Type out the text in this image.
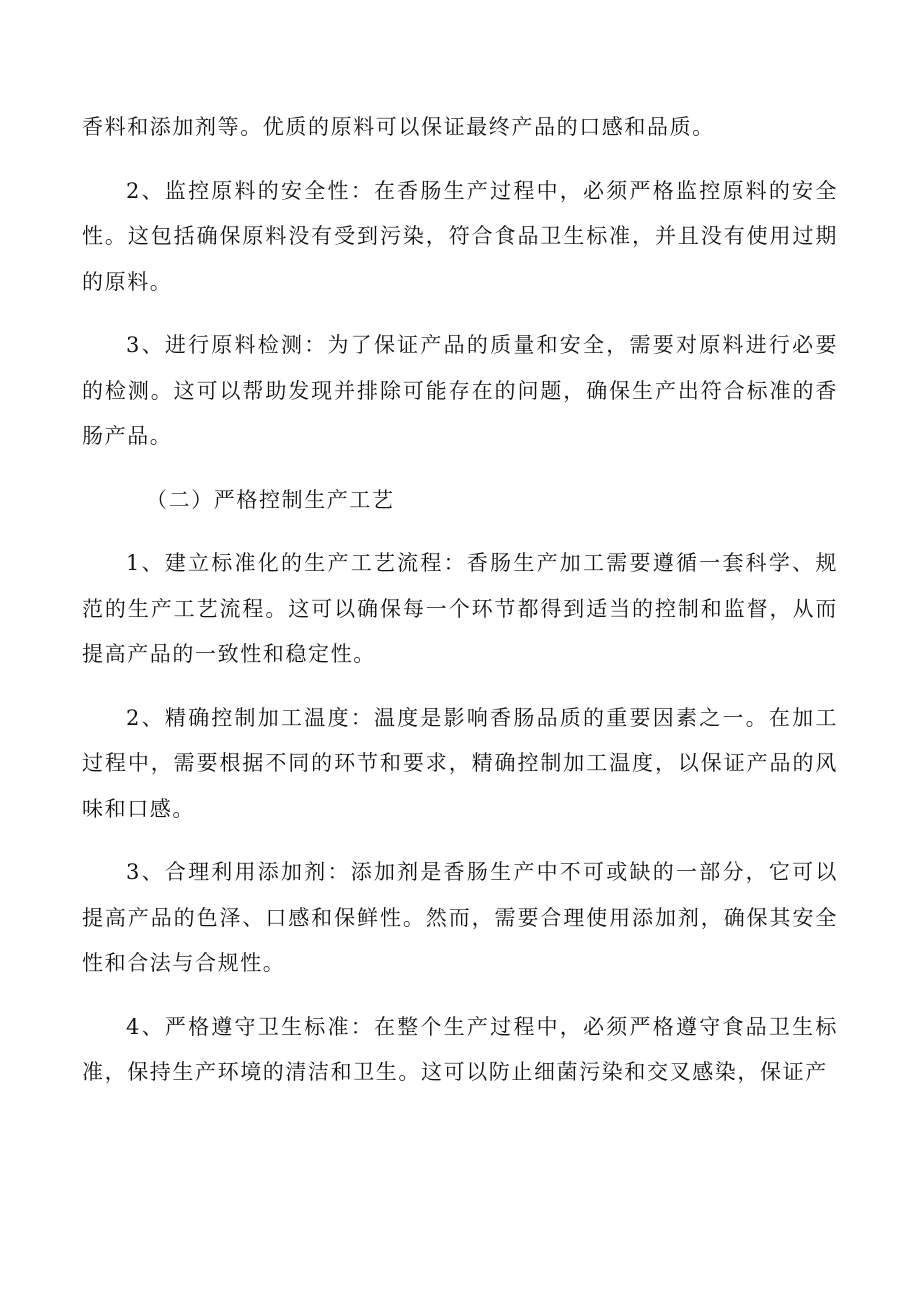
香料和添加剂等。优质的原料可以保证最终产品的口感和品质。

2、监控原料的安全性：在香肠生产过程中，必须严格监控原料的安全性。这包括确保原料没有受到污染，符合食品卫生标准，并且没有使用过期的原料。

3、进行原料检测：为了保证产品的质量和安全，需要对原料进行必要的检测。这可以帮助发现并排除可能存在的问题，确保生产出符合标准的香肠产品。

（二）严格控制生产工艺

1、建立标准化的生产工艺流程：香肠生产加工需要遵循一套科学、规范的生产工艺流程。这可以确保每一个环节都得到适当的控制和监督，从而提高产品的一致性和稳定性。

2、精确控制加工温度：温度是影响香肠品质的重要因素之一。在加工过程中，需要根据不同的环节和要求，精确控制加工温度，以保证产品的风味和口感。

3、合理利用添加剂：添加剂是香肠生产中不可或缺的一部分，它可以提高产品的色泽、口感和保鲜性。然而，需要合理使用添加剂，确保其安全性和合法与合规性。

4、严格遵守卫生标准：在整个生产过程中，必须严格遵守食品卫生标准，保持生产环境的清洁和卫生。这可以防止细菌污染和交叉感染，保证产
